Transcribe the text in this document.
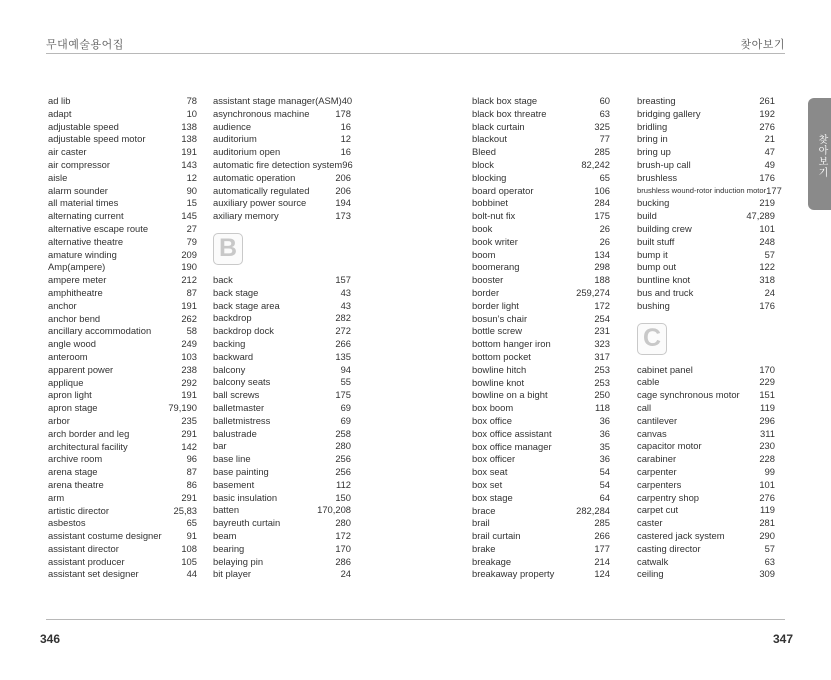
무대예술용어집	찾아보기
ad lib	78
adapt	10
adjustable speed	138
adjustable speed motor	138
air caster	191
air compressor	143
aisle	12
alarm sounder	90
all material times	15
alternating current	145
alternative escape route	27
alternative theatre	79
amature winding	209
Amp(ampere)	190
ampere meter	212
amphitheatre	87
anchor	191
anchor bend	262
ancillary accommodation	58
angle wood	249
anteroom	103
apparent power	238
applique	292
apron light	191
apron stage	79,190
arbor	235
arch border and leg	291
architectural facility	142
archive room	96
arena stage	87
arena theatre	86
arm	291
artistic director	25,83
asbestos	65
assistant costume designer	91
assistant director	108
assistant producer	105
assistant set designer	44
assistant stage manager(ASM) 40
asynchronous machine	178
audience	16
auditorium	12
auditorium open	16
automatic fire detection system 96
automatic operation	206
automatically regulated	206
auxiliary power source	194
axiliary memory	173
B
back	157
back stage	43
back stage area	43
backdrop	282
backdrop dock	272
backing	266
backward	135
balcony	94
balcony seats	55
ball screws	175
balletmaster	69
balletmistress	69
balustrade	258
bar	280
base line	256
base painting	256
basement	112
basic insulation	150
batten	170,208
bayreuth curtain	280
beam	172
bearing	170
belaying pin	286
bit player	24
black box stage	60
black box threatre	63
black curtain	325
blackout	77
Bleed	285
block	82,242
blocking	65
board operator	106
bobbinet	284
bolt-nut fix	175
book	26
book writer	26
boom	134
boomerang	298
booster	188
border	259,274
border light	172
bosun’s chair	254
bottle screw	231
bottom hanger iron	323
bottom pocket	317
bowline hitch	253
bowline knot	253
bowline on a bight	250
box boom	118
box office	36
box office assistant	36
box office manager	35
box officer	36
box seat	54
box set	54
box stage	64
brace	282,284
brail	285
brail curtain	266
brake	177
breakage	214
breakaway property	124
breasting	261
bridging gallery	192
bridling	276
bring in	21
bring up	47
brush-up call	49
brushless	176
brushless wound-rotor induction motor 177
bucking	219
build	47,289
building crew	101
built stuff	248
bump it	57
bump out	122
buntline knot	318
bus and truck	24
bushing	176
C
cabinet panel	170
cable	229
cage synchronous motor 151
call	119
cantilever	296
canvas	311
capacitor motor	230
carabiner	228
carpenter	99
carpenters	101
carpentry shop	276
carpet cut	119
caster	281
castered jack system	290
casting director	57
catwalk	63
ceiling	309
찾아보기
346	347
